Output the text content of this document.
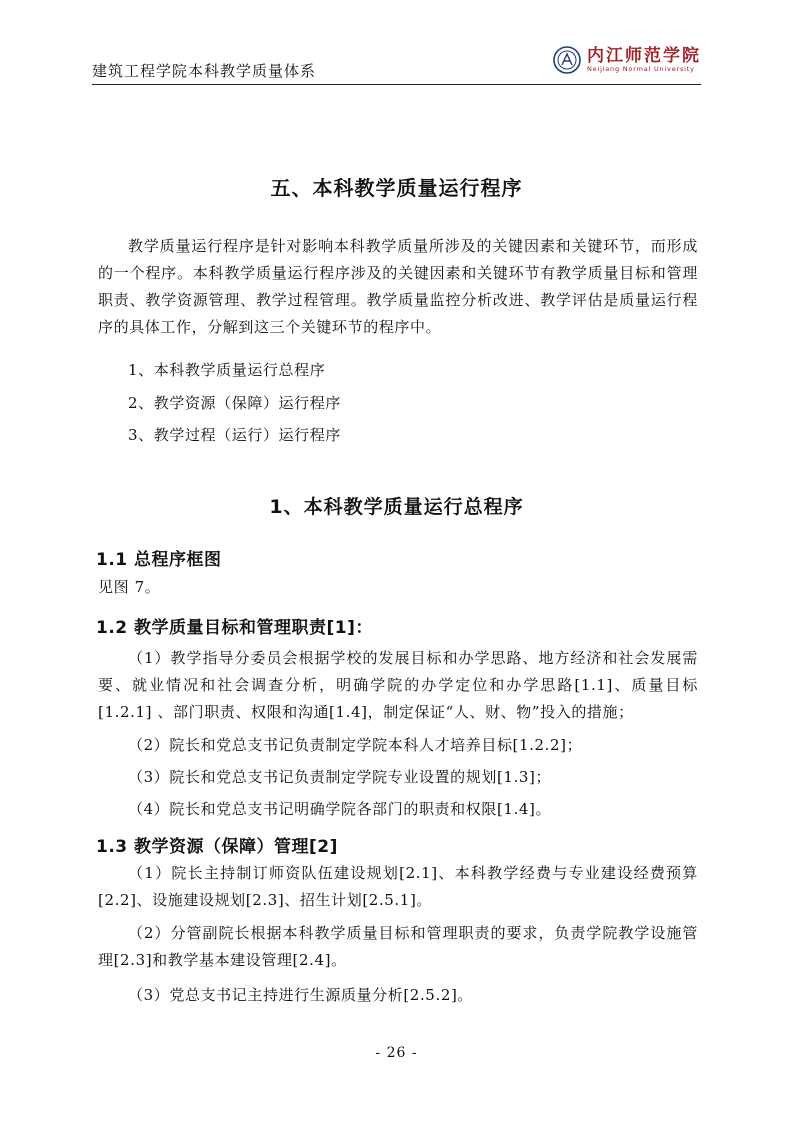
建筑工程学院本科教学质量体系
内江师范学院
Neijiang Normal University
五、本科教学质量运行程序
教学质量运行程序是针对影响本科教学质量所涉及的关键因素和关键环节，而形成的一个程序。本科教学质量运行程序涉及的关键因素和关键环节有教学质量目标和管理职责、教学资源管理、教学过程管理。教学质量监控分析改进、教学评估是质量运行程序的具体工作，分解到这三个关键环节的程序中。
1、本科教学质量运行总程序
2、教学资源（保障）运行程序
3、教学过程（运行）运行程序
1、本科教学质量运行总程序
1.1 总程序框图
见图 7。
1.2 教学质量目标和管理职责[1]：
（1）教学指导分委员会根据学校的发展目标和办学思路、地方经济和社会发展需要、就业情况和社会调查分析，明确学院的办学定位和办学思路[1.1]、质量目标[1.2.1] 、部门职责、权限和沟通[1.4]，制定保证“人、财、物”投入的措施；
（2）院长和党总支书记负责制定学院本科人才培养目标[1.2.2]；
（3）院长和党总支书记负责制定学院专业设置的规划[1.3]；
（4）院长和党总支书记明确学院各部门的职责和权限[1.4]。
1.3 教学资源（保障）管理[2]
（1）院长主持制订师资队伍建设规划[2.1]、本科教学经费与专业建设经费预算[2.2]、设施建设规划[2.3]、招生计划[2.5.1]。
（2）分管副院长根据本科教学质量目标和管理职责的要求，负责学院教学设施管理[2.3]和教学基本建设管理[2.4]。
（3）党总支书记主持进行生源质量分析[2.5.2]。
- 26 -
